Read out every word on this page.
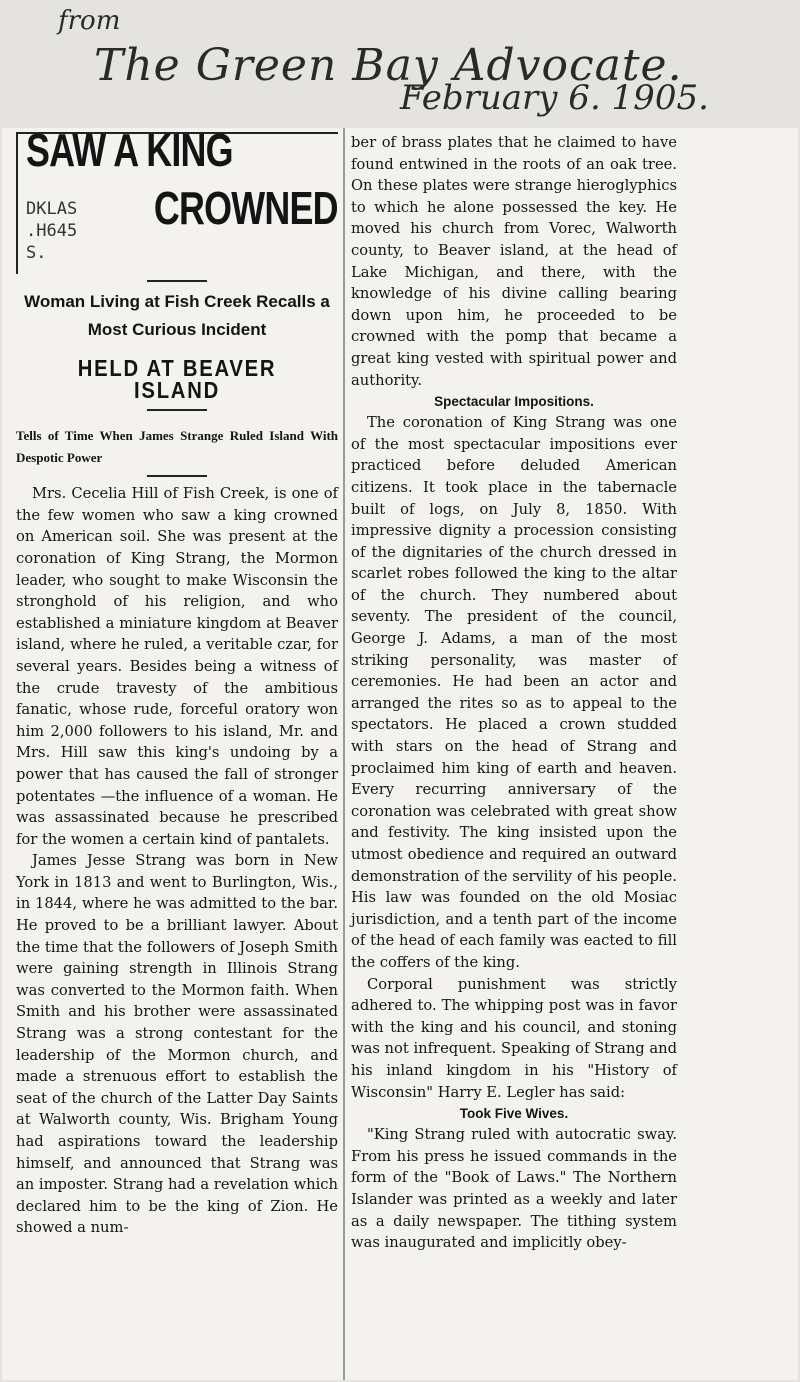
from
The Green Bay Advocate.
February 6. 1905.
SAW A KING
DKLAS
.H645
S.
CROWNED
Woman Living at Fish Creek Recalls a Most Curious Incident
HELD AT BEAVER ISLAND
Tells of Time When James Strange Ruled Island With Despotic Power

Mrs. Cecelia Hill of Fish Creek, is one of the few women who saw a king crowned on American soil. She was present at the coronation of King Strang, the Mormon leader, who sought to make Wisconsin the stronghold of his religion, and who established a miniature kingdom at Beaver island, where he ruled, a veritable czar, for several years. Besides being a witness of the crude travesty of the ambitious fanatic, whose rude, forceful oratory won him 2,000 followers to his island, Mr. and Mrs. Hill saw this king's undoing by a power that has caused the fall of stronger potentates —the influence of a woman. He was assassinated because he prescribed for the women a certain kind of pantalets.

James Jesse Strang was born in New York in 1813 and went to Burlington, Wis., in 1844, where he was admitted to the bar. He proved to be a brilliant lawyer. About the time that the followers of Joseph Smith were gaining strength in Illinois Strang was converted to the Mormon faith. When Smith and his brother were assassinated Strang was a strong contestant for the leadership of the Mormon church, and made a strenuous effort to establish the seat of the church of the Latter Day Saints at Walworth county, Wis. Brigham Young had aspirations toward the leadership himself, and announced that Strang was an imposter. Strang had a revelation which declared him to be the king of Zion. He showed a num-

ber of brass plates that he claimed to have found entwined in the roots of an oak tree. On these plates were strange hieroglyphics to which he alone possessed the key. He moved his church from Vorec, Walworth county, to Beaver island, at the head of Lake Michigan, and there, with the knowledge of his divine calling bearing down upon him, he proceeded to be crowned with the pomp that became a great king vested with spiritual power and authority.

Spectacular Impositions.

The coronation of King Strang was one of the most spectacular impositions ever practiced before deluded American citizens. It took place in the tabernacle built of logs, on July 8, 1850. With impressive dignity a procession consisting of the dignitaries of the church dressed in scarlet robes followed the king to the altar of the church. They numbered about seventy. The president of the council, George J. Adams, a man of the most striking personality, was master of ceremonies. He had been an actor and arranged the rites so as to appeal to the spectators. He placed a crown studded with stars on the head of Strang and proclaimed him king of earth and heaven. Every recurring anniversary of the coronation was celebrated with great show and festivity. The king insisted upon the utmost obedience and required an outward demonstration of the servility of his people. His law was founded on the old Mosiac jurisdiction, and a tenth part of the income of the head of each family was eacted to fill the coffers of the king.

Corporal punishment was strictly adhered to. The whipping post was in favor with the king and his council, and stoning was not infrequent. Speaking of Strang and his inland kingdom in his "History of Wisconsin" Harry E. Legler has said:

Took Five Wives.

"King Strang ruled with autocratic sway. From his press he issued commands in the form of the "Book of Laws." The Northern Islander was printed as a weekly and later as a daily newspaper. The tithing system was inaugurated and implicitly obey-
